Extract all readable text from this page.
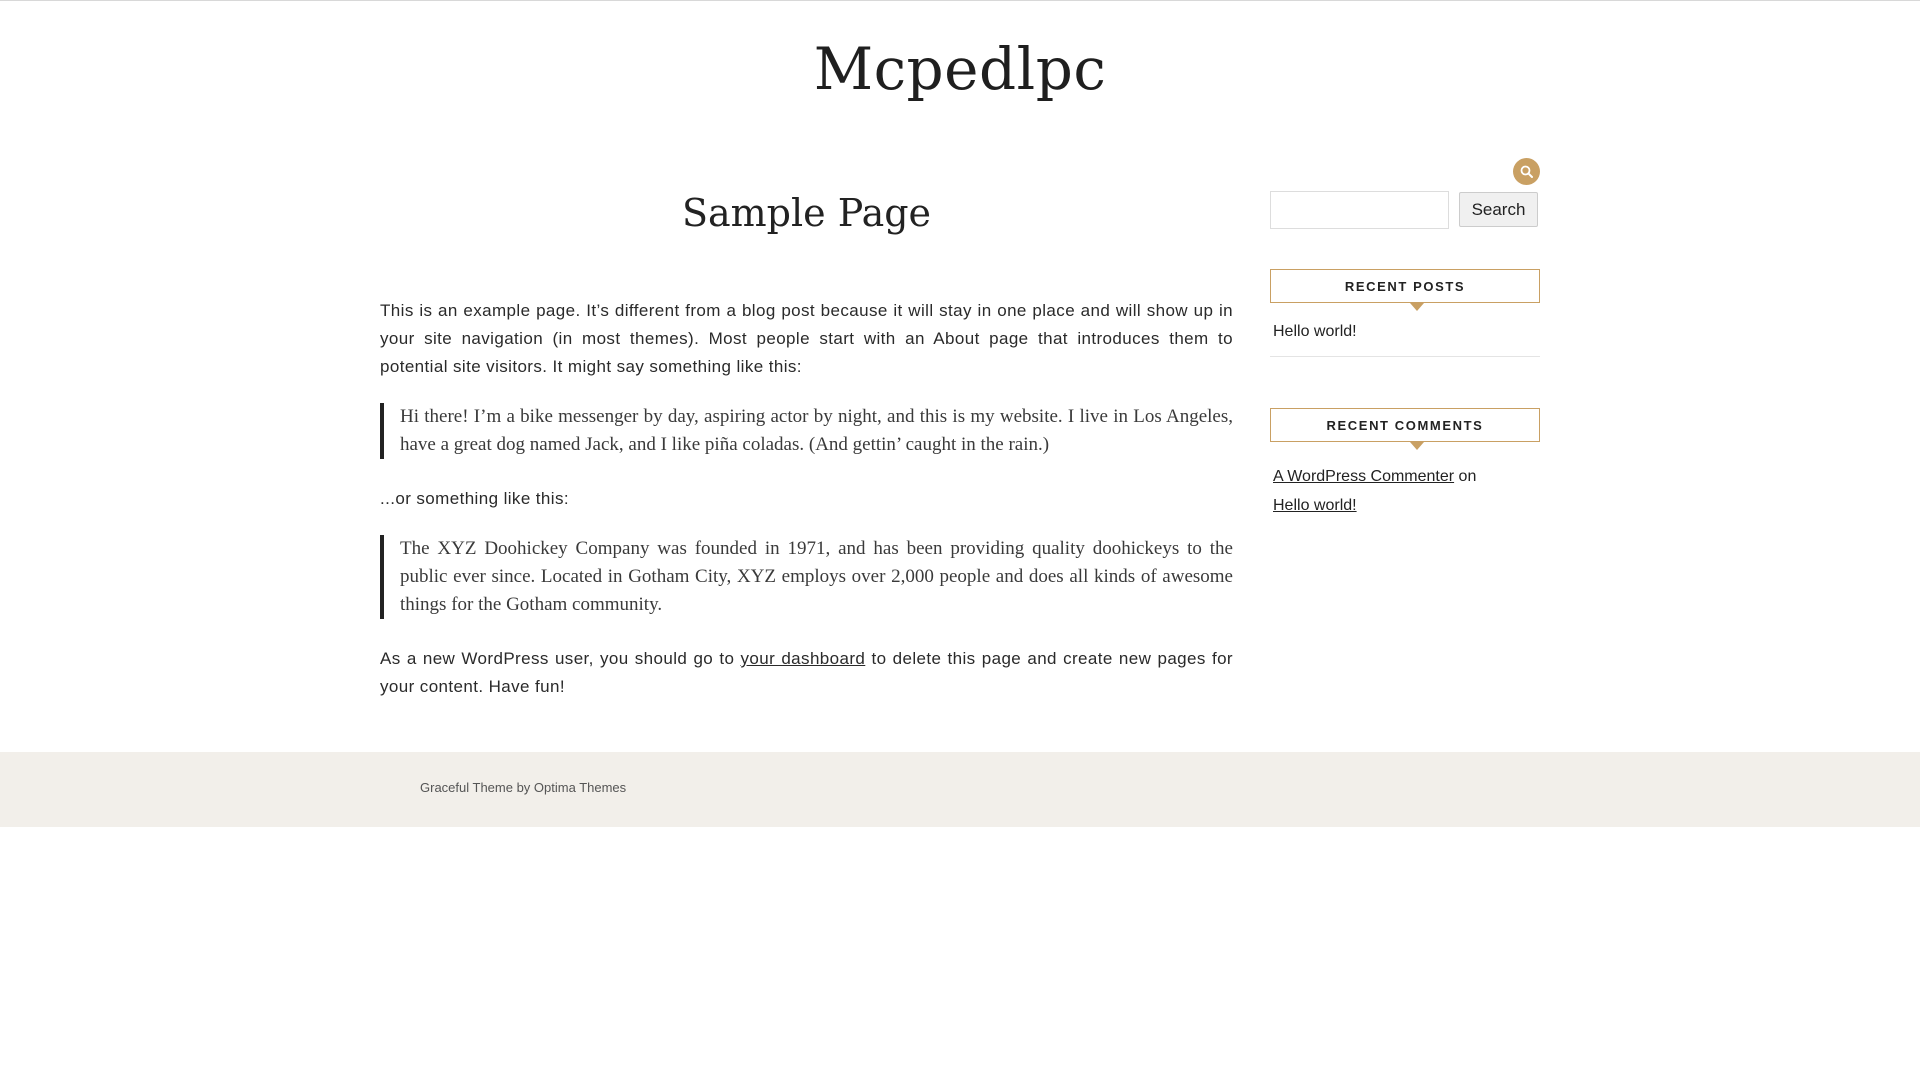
Mcpedlpc
Sample Page

This is an example page. It’s different from a blog post because it will stay in one place and will show up in your site navigation (in most themes). Most people start with an About page that introduces them to potential site visitors. It might say something like this:

Hi there! I’m a bike messenger by day, aspiring actor by night, and this is my website. I live in Los Angeles, have a great dog named Jack, and I like piña coladas. (And gettin’ caught in the rain.)

...or something like this:

The XYZ Doohickey Company was founded in 1971, and has been providing quality doohickeys to the public ever since. Located in Gotham City, XYZ employs over 2,000 people and does all kinds of awesome things for the Gotham community.

As a new WordPress user, you should go to your dashboard to delete this page and create new pages for your content. Have fun!

Search
RECENT POSTS
Hello world!
RECENT COMMENTS
A WordPress Commenter on
Hello world!
Graceful Theme by Optima Themes
